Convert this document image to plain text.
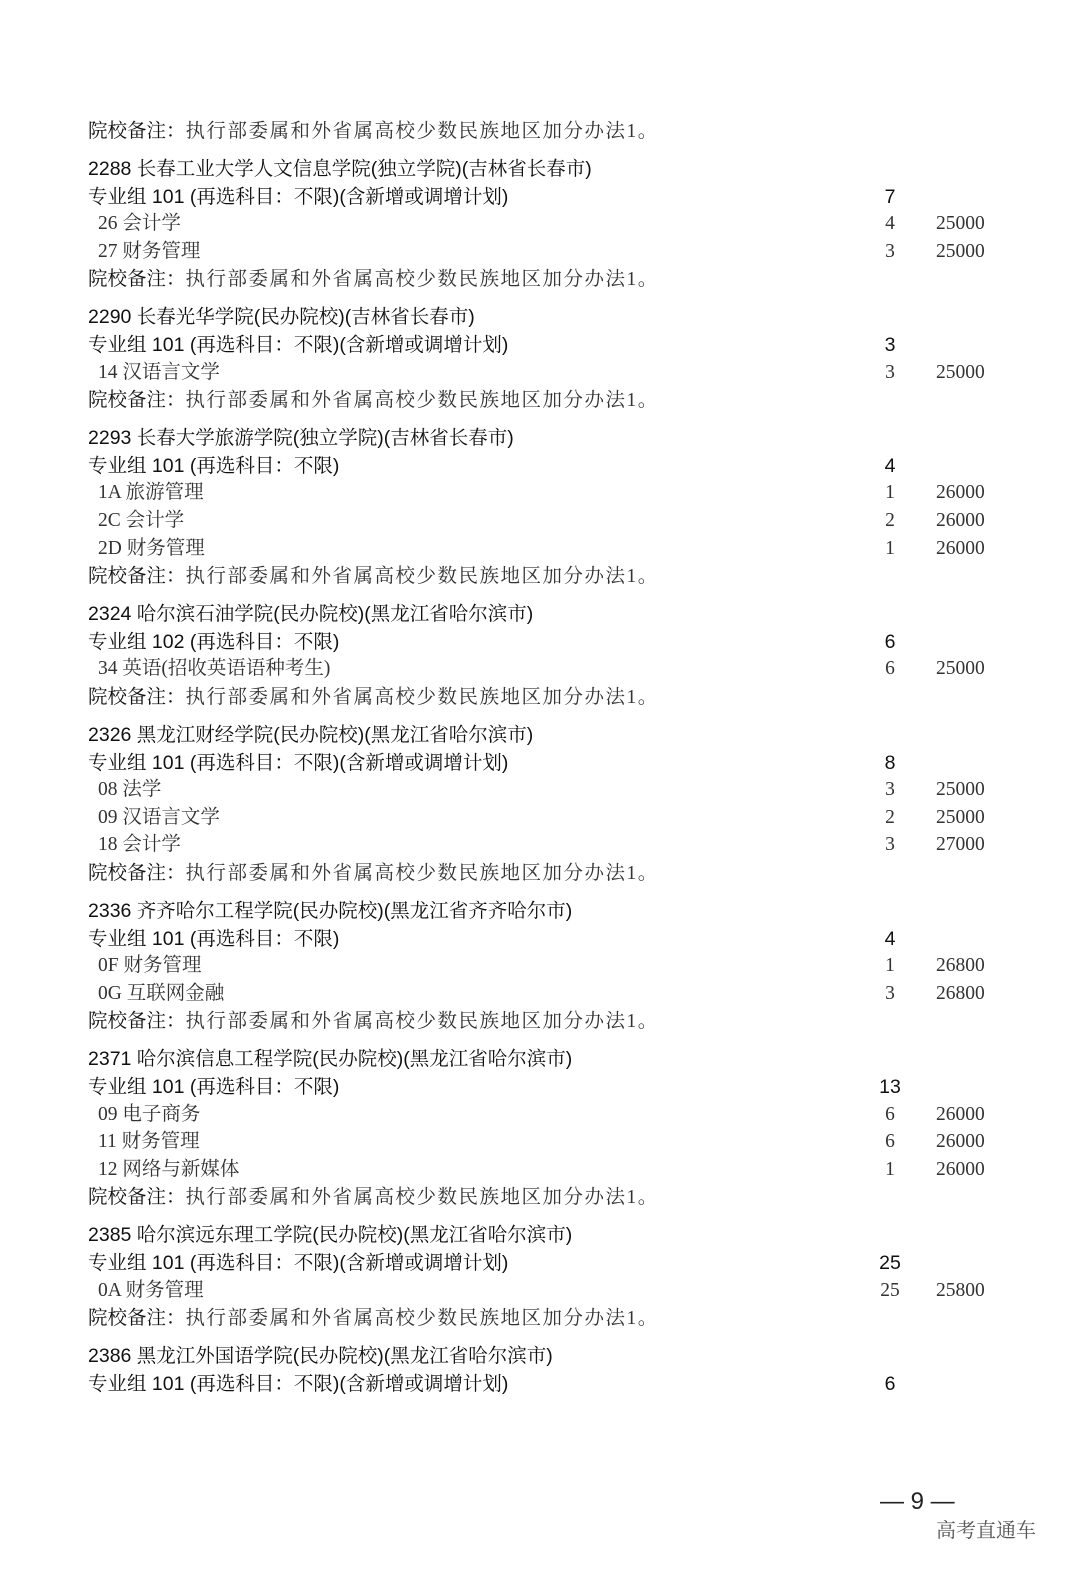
院校备注：执行部委属和外省属高校少数民族地区加分办法1。
2288 长春工业大学人文信息学院(独立学院)(吉林省长春市)
专业组 101 (再选科目：不限)(含新增或调增计划)	7
26 会计学	4	25000
27 财务管理	3	25000
院校备注：执行部委属和外省属高校少数民族地区加分办法1。
2290 长春光华学院(民办院校)(吉林省长春市)
专业组 101 (再选科目：不限)(含新增或调增计划)	3
14 汉语言文学	3	25000
院校备注：执行部委属和外省属高校少数民族地区加分办法1。
2293 长春大学旅游学院(独立学院)(吉林省长春市)
专业组 101 (再选科目：不限)	4
1A 旅游管理	1	26000
2C 会计学	2	26000
2D 财务管理	1	26000
院校备注：执行部委属和外省属高校少数民族地区加分办法1。
2324 哈尔滨石油学院(民办院校)(黑龙江省哈尔滨市)
专业组 102 (再选科目：不限)	6
34 英语(招收英语语种考生)	6	25000
院校备注：执行部委属和外省属高校少数民族地区加分办法1。
2326 黑龙江财经学院(民办院校)(黑龙江省哈尔滨市)
专业组 101 (再选科目：不限)(含新增或调增计划)	8
08 法学	3	25000
09 汉语言文学	2	25000
18 会计学	3	27000
院校备注：执行部委属和外省属高校少数民族地区加分办法1。
2336 齐齐哈尔工程学院(民办院校)(黑龙江省齐齐哈尔市)
专业组 101 (再选科目：不限)	4
0F 财务管理	1	26800
0G 互联网金融	3	26800
院校备注：执行部委属和外省属高校少数民族地区加分办法1。
2371 哈尔滨信息工程学院(民办院校)(黑龙江省哈尔滨市)
专业组 101 (再选科目：不限)	13
09 电子商务	6	26000
11 财务管理	6	26000
12 网络与新媒体	1	26000
院校备注：执行部委属和外省属高校少数民族地区加分办法1。
2385 哈尔滨远东理工学院(民办院校)(黑龙江省哈尔滨市)
专业组 101 (再选科目：不限)(含新增或调增计划)	25
0A 财务管理	25	25800
院校备注：执行部委属和外省属高校少数民族地区加分办法1。
2386 黑龙江外国语学院(民办院校)(黑龙江省哈尔滨市)
专业组 101 (再选科目：不限)(含新增或调增计划)	6
— 9 —
高考直通车
